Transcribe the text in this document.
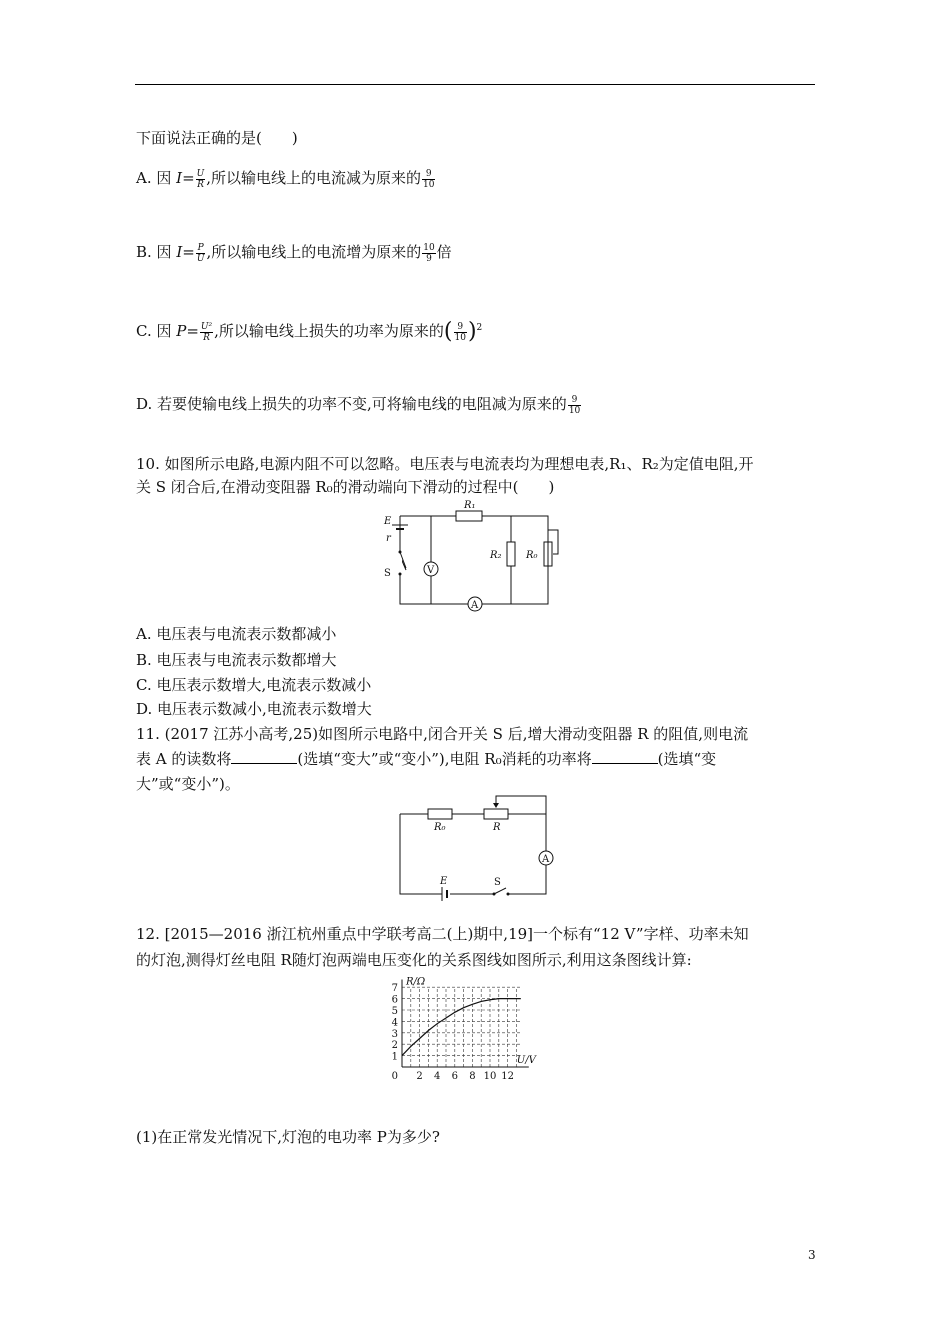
下面说法正确的是(　　)
A. 因 $I= \frac{U}{R}$ ,所以输电线上的电流减为原来的 $\frac{9}{10}$
B. 因 $I= \frac{P}{U}$ ,所以输电线上的电流增为原来的 $\frac{10}{9}$ 倍
C. 因 $P= \frac{\text{U²}}{R}$ ,所以输电线上损失的功率为原来的( $\frac{9}{10} )^2$
D. 若要使输电线上损失的功率不变,可将输电线的电阻减为原来的 $\frac{9}{10}$
10. 如图所示电路,电源内阻不可以忽略。电压表与电流表均为理想电表,R₁、R₂为定值电阻,开
关 S 闭合后,在滑动变阻器 R₀的滑动端向下滑动的过程中(　　)
E
r
S	V
A
R₁
R₂ R₀
A. 电压表与电流表示数都减小
B. 电压表与电流表示数都增大
C. 电压表示数增大,电流表示数减小
D. 电压表示数减小,电流表示数增大
11. (2017 江苏小高考,25)如图所示电路中,闭合开关 S 后,增大滑动变阻器 R 的阻值,则电流
表 A 的读数将	(选填“变大”或“变小”),电阻 R₀消耗的功率将	(选填“变
大”或“变小”)。
R₀	R
A
E	S
12. [2015—2016 浙江杭州重点中学联考高二(上)期中,19]一个标有“12 V”字样、功率未知
的灯泡,测得灯丝电阻 R随灯泡两端电压变化的关系图线如图所示,利用这条图线计算:
2 4 6 8 10 12
1
2
3
4
5
6
7
0
R/Ω
U/V
(1)在正常发光情况下,灯泡的电功率 P为多少?
3
